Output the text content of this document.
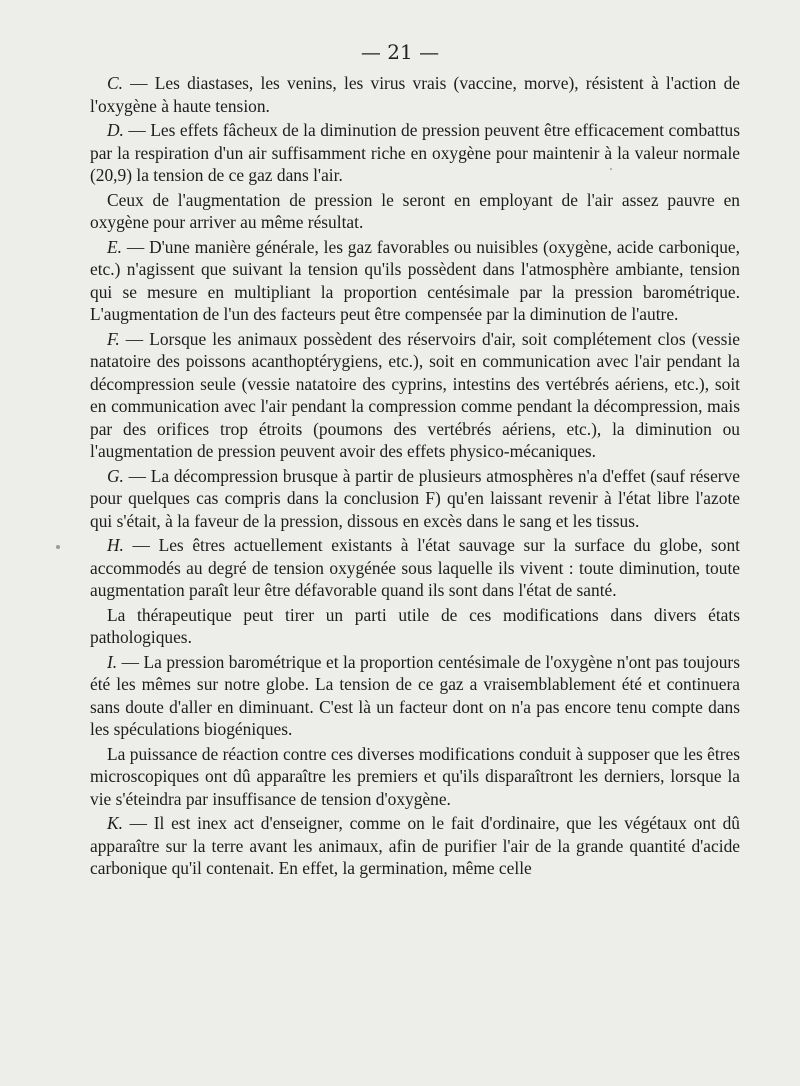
— 21 —

C. — Les diastases, les venins, les virus vrais (vaccine, morve), résistent à l'action de l'oxygène à haute tension.

D. — Les effets fâcheux de la diminution de pression peuvent être efficacement combattus par la respiration d'un air suffisamment riche en oxygène pour maintenir à la valeur normale (20,9) la tension de ce gaz dans l'air.

Ceux de l'augmentation de pression le seront en employant de l'air assez pauvre en oxygène pour arriver au même résultat.

E. — D'une manière générale, les gaz favorables ou nuisibles (oxygène, acide carbonique, etc.) n'agissent que suivant la tension qu'ils possèdent dans l'atmosphère ambiante, tension qui se mesure en multipliant la proportion centésimale par la pression barométrique. L'augmentation de l'un des facteurs peut être compensée par la diminution de l'autre.

F. — Lorsque les animaux possèdent des réservoirs d'air, soit complétement clos (vessie natatoire des poissons acanthoptérygiens, etc.), soit en communication avec l'air pendant la décompression seule (vessie natatoire des cyprins, intestins des vertébrés aériens, etc.), soit en communication avec l'air pendant la compression comme pendant la décompression, mais par des orifices trop étroits (poumons des vertébrés aériens, etc.), la diminution ou l'augmentation de pression peuvent avoir des effets physico-mécaniques.

G. — La décompression brusque à partir de plusieurs atmosphères n'a d'effet (sauf réserve pour quelques cas compris dans la conclusion F) qu'en laissant revenir à l'état libre l'azote qui s'était, à la faveur de la pression, dissous en excès dans le sang et les tissus.

H. — Les êtres actuellement existants à l'état sauvage sur la surface du globe, sont accommodés au degré de tension oxygénée sous laquelle ils vivent : toute diminution, toute augmentation paraît leur être défavorable quand ils sont dans l'état de santé.

La thérapeutique peut tirer un parti utile de ces modifications dans divers états pathologiques.

I. — La pression barométrique et la proportion centésimale de l'oxygène n'ont pas toujours été les mêmes sur notre globe. La tension de ce gaz a vraisemblablement été et continuera sans doute d'aller en diminuant. C'est là un facteur dont on n'a pas encore tenu compte dans les spéculations biogéniques.

La puissance de réaction contre ces diverses modifications conduit à supposer que les êtres microscopiques ont dû apparaître les premiers et qu'ils disparaîtront les derniers, lorsque la vie s'éteindra par insuffisance de tension d'oxygène.

K. — Il est inex act d'enseigner, comme on le fait d'ordinaire, que les végétaux ont dû apparaître sur la terre avant les animaux, afin de purifier l'air de la grande quantité d'acide carbonique qu'il contenait. En effet, la germination, même celle
